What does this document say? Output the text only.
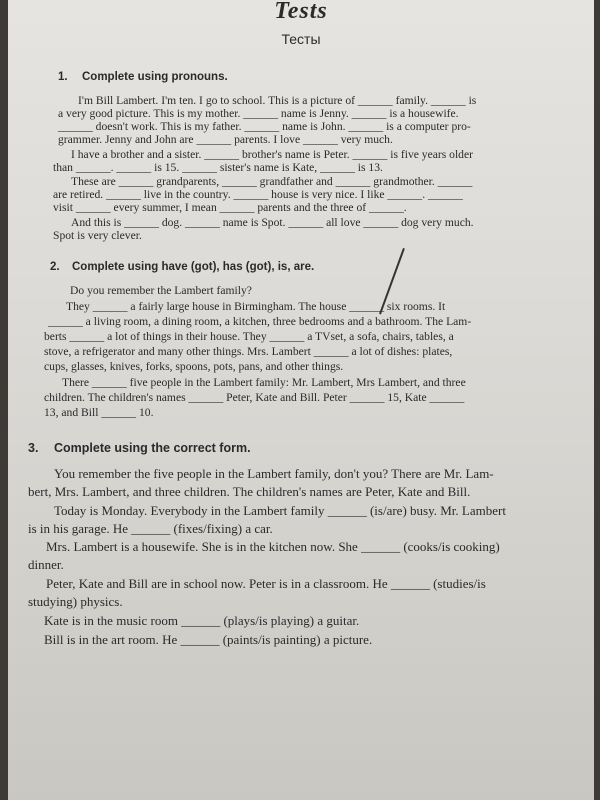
Tests
Тесты
1. Complete using pronouns.
I'm Bill Lambert. I'm ten. I go to school. This is a picture of ______ family. ______ is
a very good picture. This is my mother. ______ name is Jenny. ______ is a housewife.
______ doesn't work. This is my father. ______ name is John. ______ is a computer pro-
grammer. Jenny and John are ______ parents. I love ______ very much.
I have a brother and a sister. ______ brother's name is Peter. ______ is five years older
than ______. ______ is 15. ______ sister's name is Kate, ______ is 13.
These are ______ grandparents, ______ grandfather and ______ grandmother. ______
are retired. ______ live in the country. ______ house is very nice. I like ______. ______
visit ______ every summer, I mean ______ parents and the three of ______.
And this is ______ dog. ______ name is Spot. ______ all love ______ dog very much.
Spot is very clever.
2. Complete using have (got), has (got), is, are.
Do you remember the Lambert family?
They ______ a fairly large house in Birmingham. The house ______ six rooms. It
______ a living room, a dining room, a kitchen, three bedrooms and a bathroom. The Lam-
berts ______ a lot of things in their house. They ______ a TVset, a sofa, chairs, tables, a
stove, a refrigerator and many other things. Mrs. Lambert ______ a lot of dishes: plates,
cups, glasses, knives, forks, spoons, pots, pans, and other things.
There ______ five people in the Lambert family: Mr. Lambert, Mrs Lambert, and three
children. The children's names ______ Peter, Kate and Bill. Peter ______ 15, Kate ______
13, and Bill ______ 10.
3. Complete using the correct form.
You remember the five people in the Lambert family, don't you? There are Mr. Lam-
bert, Mrs. Lambert, and three children. The children's names are Peter, Kate and Bill.
Today is Monday. Everybody in the Lambert family ______ (is/are) busy. Mr. Lambert
is in his garage. He ______ (fixes/fixing) a car.
Mrs. Lambert is a housewife. She is in the kitchen now. She ______ (cooks/is cooking)
dinner.
Peter, Kate and Bill are in school now. Peter is in a classroom. He ______ (studies/is
studying) physics.
Kate is in the music room ______ (plays/is playing) a guitar.
Bill is in the art room. He ______ (paints/is painting) a picture.
